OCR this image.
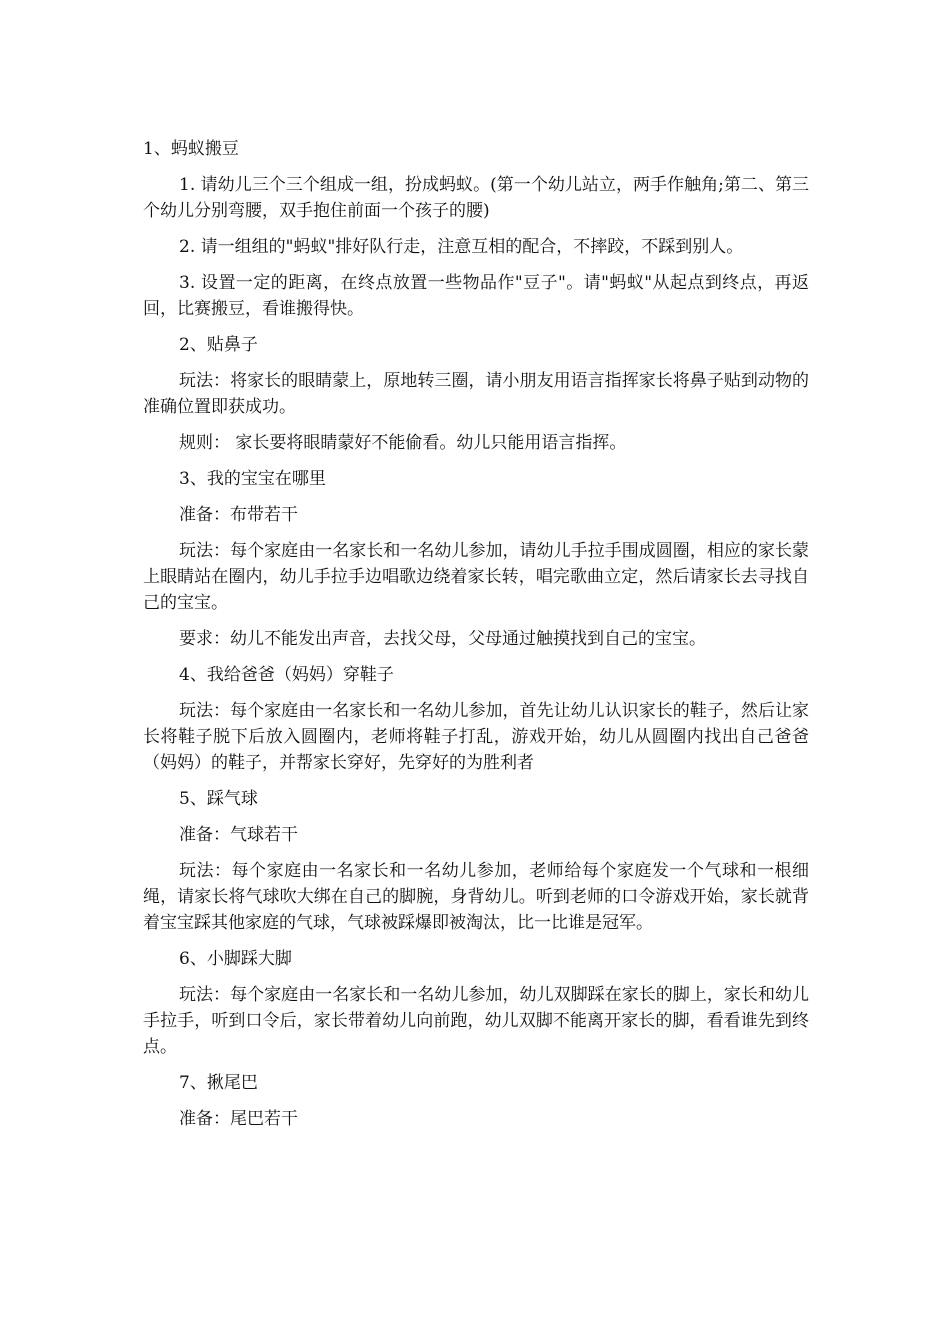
1、蚂蚁搬豆

1. 请幼儿三个三个组成一组，扮成蚂蚁。(第一个幼儿站立，两手作触角;第二、第三个幼儿分别弯腰，双手抱住前面一个孩子的腰)

2. 请一组组的"蚂蚁"排好队行走，注意互相的配合，不摔跤，不踩到别人。

3. 设置一定的距离，在终点放置一些物品作"豆子"。请"蚂蚁"从起点到终点，再返回，比赛搬豆，看谁搬得快。

2、贴鼻子

玩法：将家长的眼睛蒙上，原地转三圈，请小朋友用语言指挥家长将鼻子贴到动物的准确位置即获成功。

规则： 家长要将眼睛蒙好不能偷看。幼儿只能用语言指挥。

3、我的宝宝在哪里

准备：布带若干

玩法：每个家庭由一名家长和一名幼儿参加，请幼儿手拉手围成圆圈，相应的家长蒙上眼睛站在圈内，幼儿手拉手边唱歌边绕着家长转，唱完歌曲立定，然后请家长去寻找自己的宝宝。

要求：幼儿不能发出声音，去找父母，父母通过触摸找到自己的宝宝。

4、我给爸爸（妈妈）穿鞋子

玩法：每个家庭由一名家长和一名幼儿参加，首先让幼儿认识家长的鞋子，然后让家长将鞋子脱下后放入圆圈内，老师将鞋子打乱，游戏开始，幼儿从圆圈内找出自己爸爸（妈妈）的鞋子，并帮家长穿好，先穿好的为胜利者

5、踩气球

准备：气球若干

玩法：每个家庭由一名家长和一名幼儿参加，老师给每个家庭发一个气球和一根细绳，请家长将气球吹大绑在自己的脚腕，身背幼儿。听到老师的口令游戏开始，家长就背着宝宝踩其他家庭的气球，气球被踩爆即被淘汰，比一比谁是冠军。

6、小脚踩大脚

玩法：每个家庭由一名家长和一名幼儿参加，幼儿双脚踩在家长的脚上，家长和幼儿手拉手，听到口令后，家长带着幼儿向前跑，幼儿双脚不能离开家长的脚，看看谁先到终点。

7、揪尾巴

准备：尾巴若干
